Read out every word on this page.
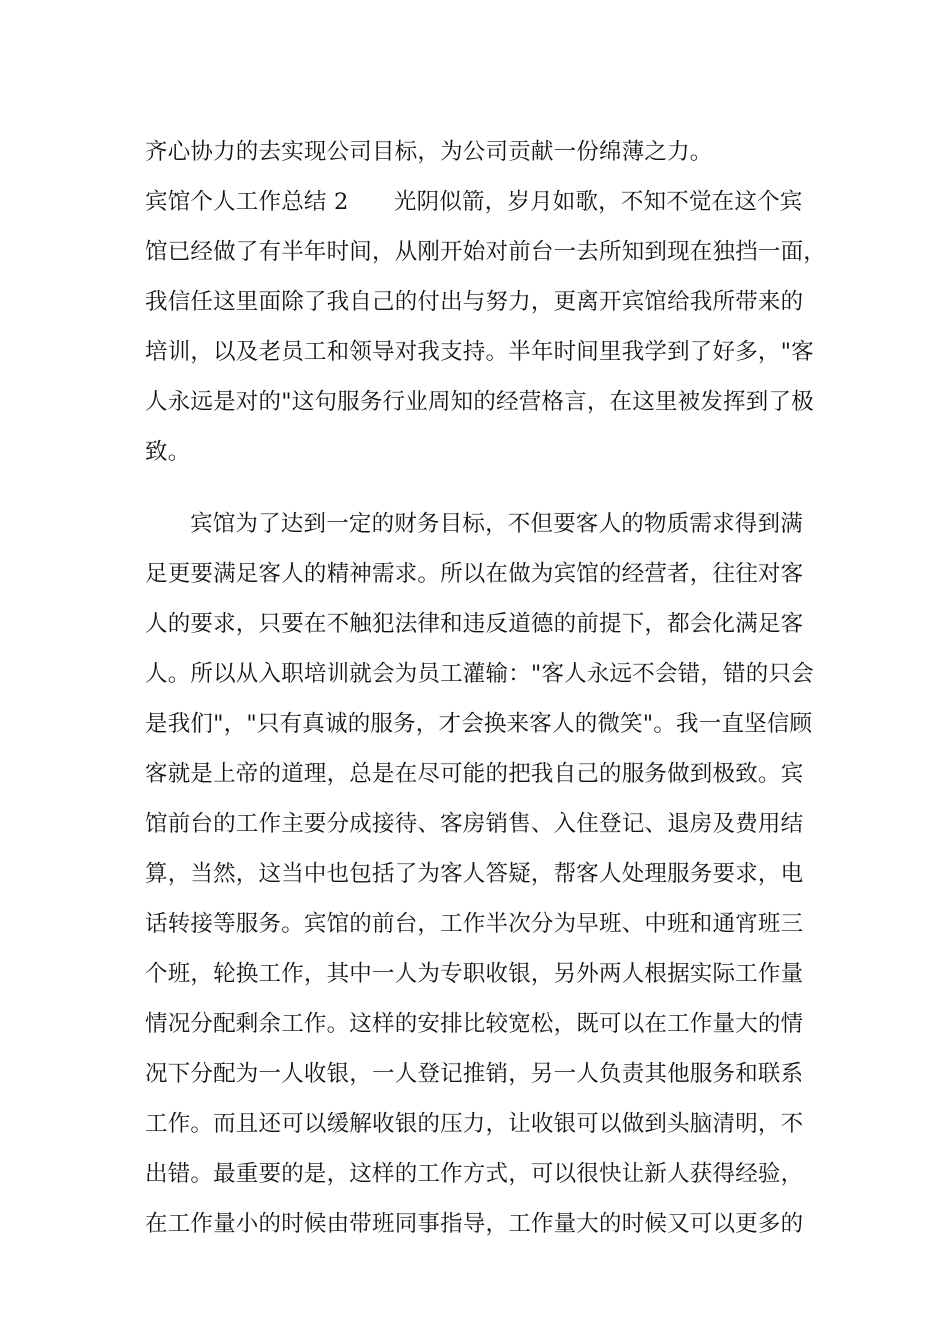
齐心协力的去实现公司目标，为公司贡献一份绵薄之力。
宾馆个人工作总结 2　　光阴似箭，岁月如歌，不知不觉在这个宾
馆已经做了有半年时间，从刚开始对前台一去所知到现在独挡一面，
我信任这里面除了我自己的付出与努力，更离开宾馆给我所带来的
培训，以及老员工和领导对我支持。半年时间里我学到了好多，"客
人永远是对的"这句服务行业周知的经营格言，在这里被发挥到了极
致。
宾馆为了达到一定的财务目标，不但要客人的物质需求得到满
足更要满足客人的精神需求。所以在做为宾馆的经营者，往往对客
人的要求，只要在不触犯法律和违反道德的前提下，都会化满足客
人。所以从入职培训就会为员工灌输："客人永远不会错，错的只会
是我们"，"只有真诚的服务，才会换来客人的微笑"。我一直坚信顾
客就是上帝的道理，总是在尽可能的把我自己的服务做到极致。宾
馆前台的工作主要分成接待、客房销售、入住登记、退房及费用结
算，当然，这当中也包括了为客人答疑，帮客人处理服务要求，电
话转接等服务。宾馆的前台，工作半次分为早班、中班和通宵班三
个班，轮换工作，其中一人为专职收银，另外两人根据实际工作量
情况分配剩余工作。这样的安排比较宽松，既可以在工作量大的情
况下分配为一人收银，一人登记推销，另一人负责其他服务和联系
工作。而且还可以缓解收银的压力，让收银可以做到头脑清明，不
出错。最重要的是，这样的工作方式，可以很快让新人获得经验，
在工作量小的时候由带班同事指导，工作量大的时候又可以更多的
